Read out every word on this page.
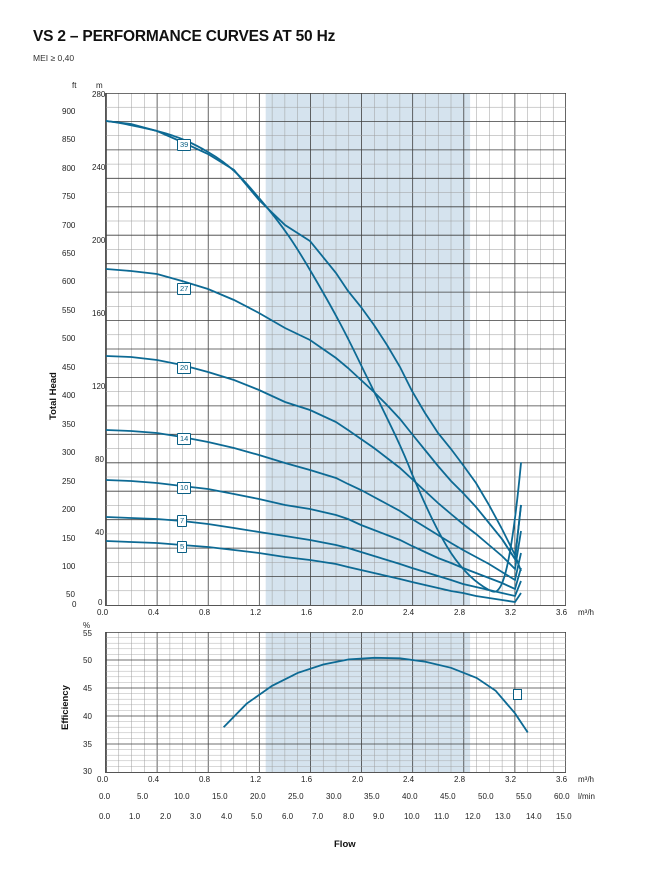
VS 2 – PERFORMANCE CURVES AT 50 Hz
MEI ≥ 0,40
ft m
%
39
27
20
14
10
7
5
900
850
800
750
700
650
600
550
500
450
400
350
300
250
200
150
100
50
0
280
240
200
160
120
80
40
0
0.0	0.4	0.8	1.2	1.6	2.0	2.4	2.8	3.2	3.6 m³/h
55
50
45
40
35
30
0.0	0.4	0.8	1.2	1.6	2.0	2.4	2.8	3.2	3.6 m³/h
0.0	5.0	10.0	15.0	20.0	25.0	30.0	35.0	40.0	45.0	50.0	55.0	60.0 l/min
0.0 1.0 2.0 3.0 4.0 5.0 6.0 7.0 8.0 9.0 10.0 11.0 12.0 13.0 14.0 15.0
Total Head
Efficiency
Flow
